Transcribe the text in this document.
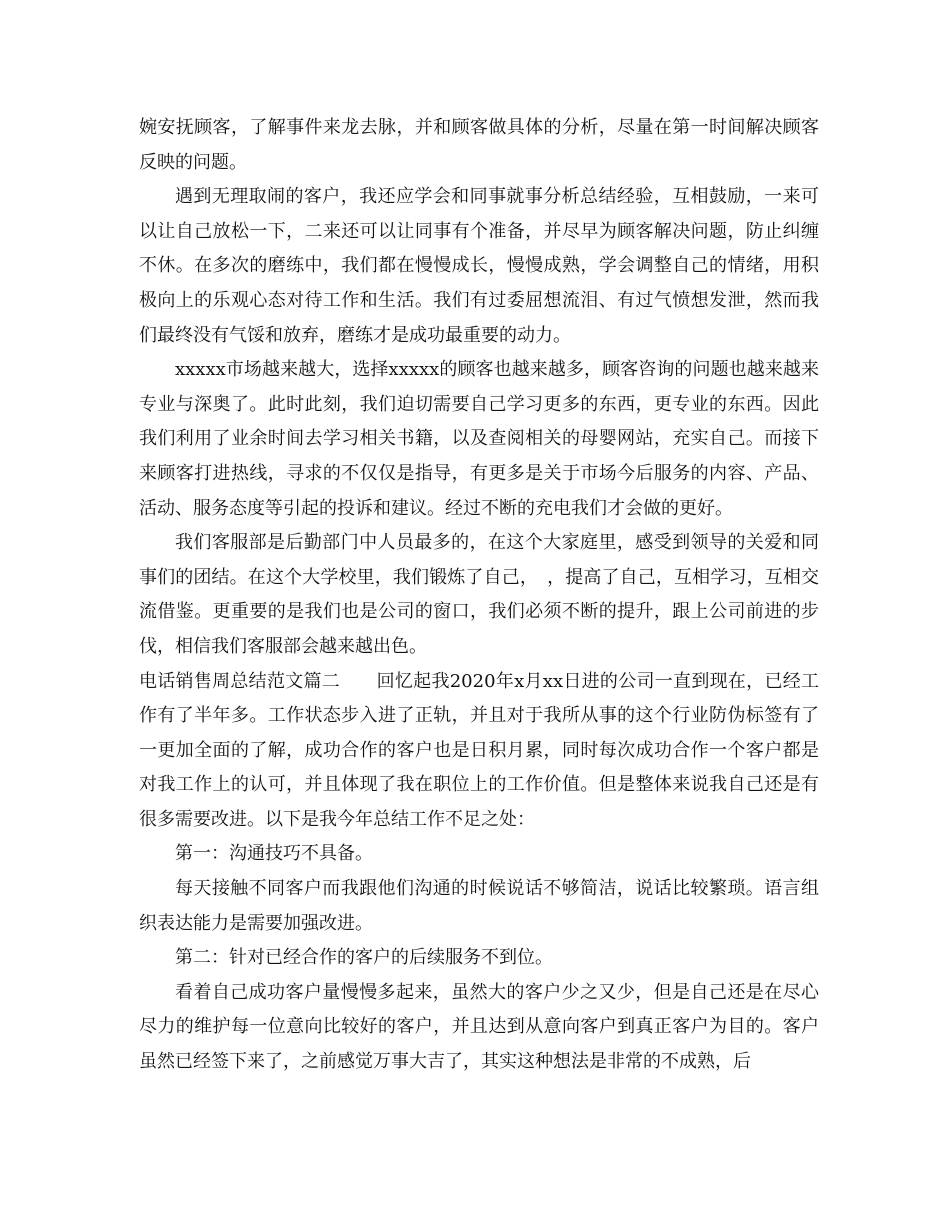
婉安抚顾客，了解事件来龙去脉，并和顾客做具体的分析，尽量在第一时间解决顾客反映的问题。

遇到无理取闹的客户，我还应学会和同事就事分析总结经验，互相鼓励，一来可以让自己放松一下，二来还可以让同事有个准备，并尽早为顾客解决问题，防止纠缠不休。在多次的磨练中，我们都在慢慢成长，慢慢成熟，学会调整自己的情绪，用积极向上的乐观心态对待工作和生活。我们有过委屈想流泪、有过气愤想发泄，然而我们最终没有气馁和放弃，磨练才是成功最重要的动力。

xxxxx市场越来越大，选择xxxxx的顾客也越来越多，顾客咨询的问题也越来越来专业与深奥了。此时此刻，我们迫切需要自己学习更多的东西，更专业的东西。因此我们利用了业余时间去学习相关书籍，以及查阅相关的母婴网站，充实自己。而接下来顾客打进热线，寻求的不仅仅是指导，有更多是关于市场今后服务的内容、产品、活动、服务态度等引起的投诉和建议。经过不断的充电我们才会做的更好。

我们客服部是后勤部门中人员最多的，在这个大家庭里，感受到领导的关爱和同事们的团结。在这个大学校里，我们锻炼了自己，　，提高了自己，互相学习，互相交流借鉴。更重要的是我们也是公司的窗口，我们必须不断的提升，跟上公司前进的步伐，相信我们客服部会越来越出色。

电话销售周总结范文篇二　　回忆起我2020年x月xx日进的公司一直到现在，已经工作有了半年多。工作状态步入进了正轨，并且对于我所从事的这个行业防伪标签有了一更加全面的了解，成功合作的客户也是日积月累，同时每次成功合作一个客户都是对我工作上的认可，并且体现了我在职位上的工作价值。但是整体来说我自己还是有很多需要改进。以下是我今年总结工作不足之处：

第一：沟通技巧不具备。

每天接触不同客户而我跟他们沟通的时候说话不够简洁，说话比较繁琐。语言组织表达能力是需要加强改进。

第二：针对已经合作的客户的后续服务不到位。

看着自己成功客户量慢慢多起来，虽然大的客户少之又少，但是自己还是在尽心尽力的维护每一位意向比较好的客户，并且达到从意向客户到真正客户为目的。客户虽然已经签下来了，之前感觉万事大吉了，其实这种想法是非常的不成熟，后
